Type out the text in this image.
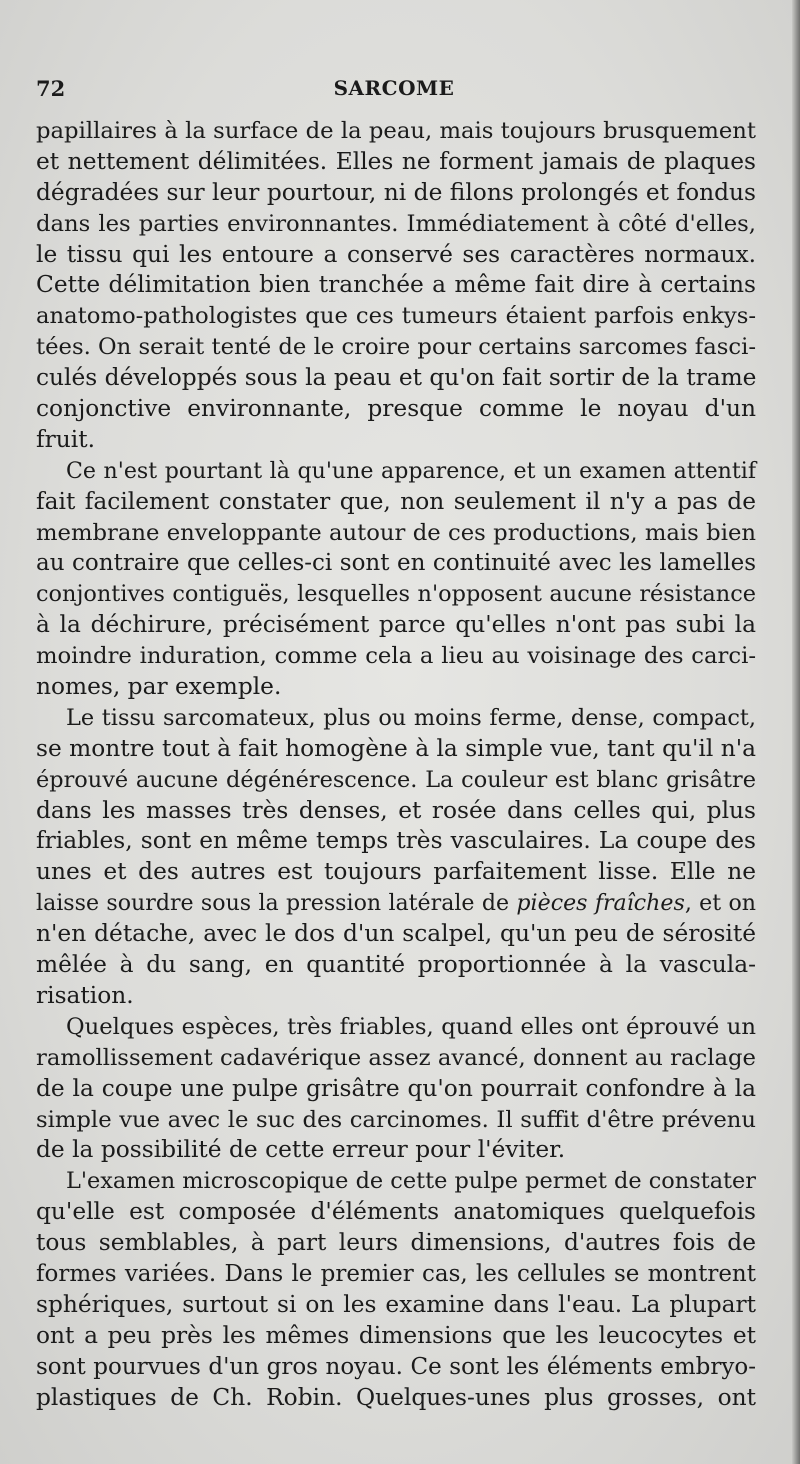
72	SARCOME
papillaires à la surface de la peau, mais toujours brusquement
et nettement délimitées. Elles ne forment jamais de plaques
dégradées sur leur pourtour, ni de filons prolongés et fondus
dans les parties environnantes. Immédiatement à côté d'elles,
le tissu qui les entoure a conservé ses caractères normaux.
Cette délimitation bien tranchée a même fait dire à certains
anatomo-pathologistes que ces tumeurs étaient parfois enkys-
tées. On serait tenté de le croire pour certains sarcomes fasci-
culés développés sous la peau et qu'on fait sortir de la trame
conjonctive environnante, presque comme le noyau d'un
fruit.
Ce n'est pourtant là qu'une apparence, et un examen attentif
fait facilement constater que, non seulement il n'y a pas de
membrane enveloppante autour de ces productions, mais bien
au contraire que celles-ci sont en continuité avec les lamelles
conjontives contiguës, lesquelles n'opposent aucune résistance
à la déchirure, précisément parce qu'elles n'ont pas subi la
moindre induration, comme cela a lieu au voisinage des carci-
nomes, par exemple.
Le tissu sarcomateux, plus ou moins ferme, dense, compact,
se montre tout à fait homogène à la simple vue, tant qu'il n'a
éprouvé aucune dégénérescence. La couleur est blanc grisâtre
dans les masses très denses, et rosée dans celles qui, plus
friables, sont en même temps très vasculaires. La coupe des
unes et des autres est toujours parfaitement lisse. Elle ne
laisse sourdre sous la pression latérale de pièces fraîches, et on
n'en détache, avec le dos d'un scalpel, qu'un peu de sérosité
mêlée à du sang, en quantité proportionnée à la vascula-
risation.
Quelques espèces, très friables, quand elles ont éprouvé un
ramollissement cadavérique assez avancé, donnent au raclage
de la coupe une pulpe grisâtre qu'on pourrait confondre à la
simple vue avec le suc des carcinomes. Il suffit d'être prévenu
de la possibilité de cette erreur pour l'éviter.
L'examen microscopique de cette pulpe permet de constater
qu'elle est composée d'éléments anatomiques quelquefois
tous semblables, à part leurs dimensions, d'autres fois de
formes variées. Dans le premier cas, les cellules se montrent
sphériques, surtout si on les examine dans l'eau. La plupart
ont a peu près les mêmes dimensions que les leucocytes et
sont pourvues d'un gros noyau. Ce sont les éléments embryo-
plastiques de Ch. Robin. Quelques-unes plus grosses, ont
